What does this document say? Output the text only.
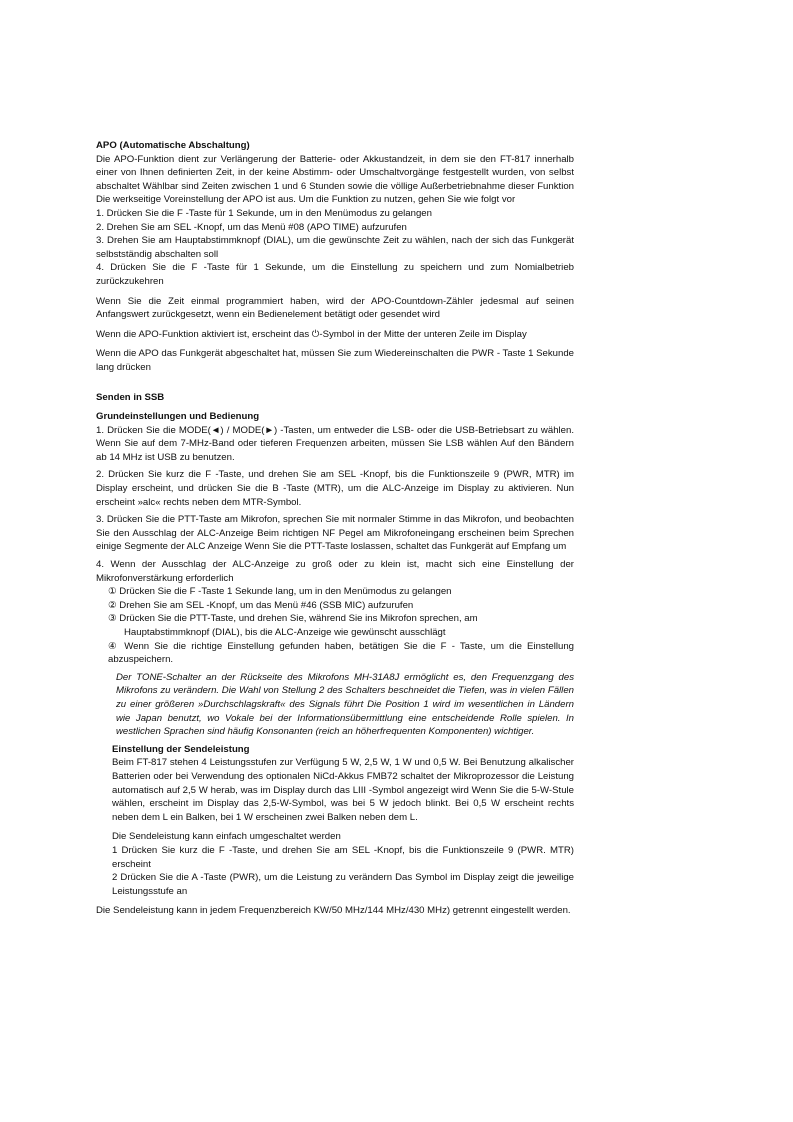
APO (Automatische Abschaltung)

Die APO-Funktion dient zur Verlängerung der Batterie- oder Akkustandzeit, in dem sie den FT-817 innerhalb einer von Ihnen definierten Zeit, in der keine Abstimm- oder Umschaltvorgänge festgestellt wurden, von selbst abschaltet Wählbar sind Zeiten zwischen 1 und 6 Stunden sowie die völlige Außerbetriebnahme dieser Funktion Die werkseitige Voreinstellung der APO ist aus. Um die Funktion zu nutzen, gehen Sie wie folgt vor

1. Drücken Sie die F -Taste für 1 Sekunde, um in den Menümodus zu gelangen

2. Drehen Sie am SEL -Knopf, um das Menü #08 (APO TIME) aufzurufen

3. Drehen Sie am Hauptabstimmknopf (DIAL), um die gewünschte Zeit zu wählen, nach der sich das Funkgerät selbstständig abschalten soll

4. Drücken Sie die F -Taste für 1 Sekunde, um die Einstellung zu speichern und zum Nomialbetrieb zurückzukehren

Wenn Sie die Zeit einmal programmiert haben, wird der APO-Countdown-Zähler jedesmal auf seinen Anfangswert zurückgesetzt, wenn ein Bedienelement betätigt oder gesendet wird

Wenn die APO-Funktion aktiviert ist, erscheint das ⏻-Symbol in der Mitte der unteren Zeile im Display

Wenn die APO das Funkgerät abgeschaltet hat, müssen Sie zum Wiedereinschalten die PWR - Taste 1 Sekunde lang drücken

Senden in SSB

Grundeinstellungen und Bedienung

1. Drücken Sie die MODE(◄) / MODE(►) -Tasten, um entweder die LSB- oder die USB-Betriebsart zu wählen. Wenn Sie auf dem 7-MHz-Band oder tieferen Frequenzen arbeiten, müssen Sie LSB wählen Auf den Bändern ab 14 MHz ist USB zu benutzen.

2. Drücken Sie kurz die F -Taste, und drehen Sie am SEL -Knopf, bis die Funktionszeile 9 (PWR, MTR) im Display erscheint, und drücken Sie die B -Taste (MTR), um die ALC-Anzeige im Display zu aktivieren. Nun erscheint »alc« rechts neben dem MTR-Symbol.

3. Drücken Sie die PTT-Taste am Mikrofon, sprechen Sie mit normaler Stimme in das Mikrofon, und beobachten Sie den Ausschlag der ALC-Anzeige Beim richtigen NF Pegel am Mikrofoneingang erscheinen beim Sprechen einige Segmente der ALC Anzeige Wenn Sie die PTT-Taste loslassen, schaltet das Funkgerät auf Empfang um

4. Wenn der Ausschlag der ALC-Anzeige zu groß oder zu klein ist, macht sich eine Einstellung der Mikrofonverstärkung erforderlich

① Drücken Sie die F -Taste 1 Sekunde lang, um in den Menümodus zu gelangen

② Drehen Sie am SEL -Knopf, um das Menü #46 (SSB MIC) aufzurufen

③ Drücken Sie die PTT-Taste, und drehen Sie, während Sie ins Mikrofon sprechen, am

Hauptabstimmknopf (DIAL), bis die ALC-Anzeige wie gewünscht ausschlägt

④ Wenn Sie die richtige Einstellung gefunden haben, betätigen Sie die F - Taste, um die Einstellung abzuspeichern.

Der TONE-Schalter an der Rückseite des Mikrofons MH-31A8J ermöglicht es, den Frequenzgang des Mikrofons zu verändern. Die Wahl von Stellung 2 des Schalters beschneidet die Tiefen, was in vielen Fällen zu einer größeren »Durchschlagskraft« des Signals führt Die Position 1 wird im wesentlichen in Ländern wie Japan benutzt, wo Vokale bei der Informationsübermittlung eine entscheidende Rolle spielen. In westlichen Sprachen sind häufig Konsonanten (reich an höherfrequenten Komponenten) wichtiger.

Einstellung der Sendeleistung

Beim FT-817 stehen 4 Leistungsstufen zur Verfügung 5 W, 2,5 W, 1 W und 0,5 W. Bei Benutzung alkalischer Batterien oder bei Verwendung des optionalen NiCd-Akkus FMB72 schaltet der Mikroprozessor die Leistung automatisch auf 2,5 W herab, was im Display durch das LIII -Symbol angezeigt wird Wenn Sie die 5-W-Stule wählen, erscheint im Display das 2,5-W-Symbol, was bei 5 W jedoch blinkt. Bei 0,5 W erscheint rechts neben dem L ein Balken, bei 1 W erscheinen zwei Balken neben dem L.

Die Sendeleistung kann einfach umgeschaltet werden

1 Drücken Sie kurz die F -Taste, und drehen Sie am SEL -Knopf, bis die Funktionszeile 9 (PWR. MTR) erscheint

2 Drücken Sie die A -Taste (PWR), um die Leistung zu verändern Das Symbol im Display zeigt die jeweilige Leistungsstufe an

Die Sendeleistung kann in jedem Frequenzbereich KW/50 MHz/144 MHz/430 MHz) getrennt eingestellt werden.
